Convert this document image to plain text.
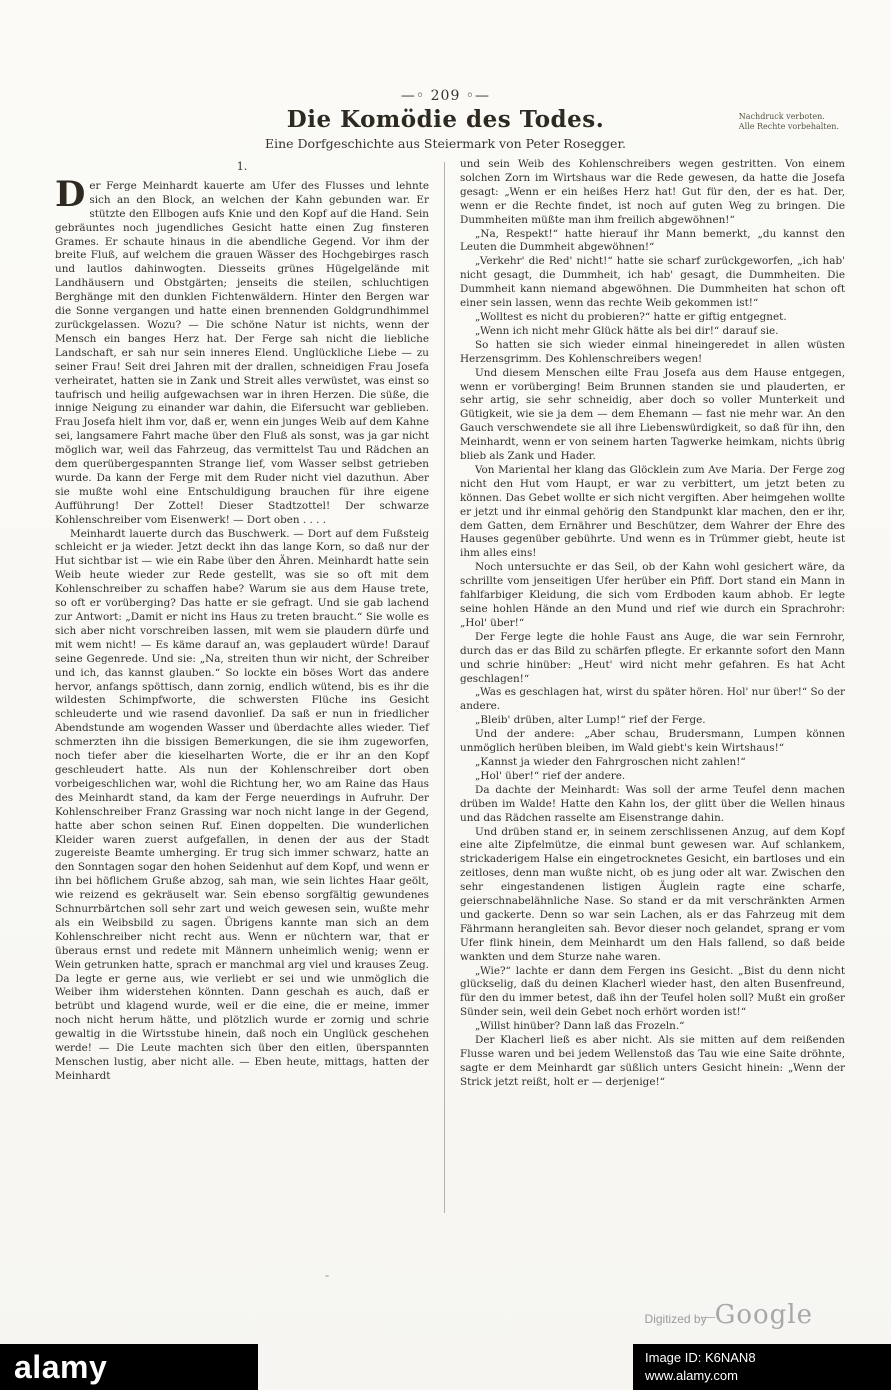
—◦ 209 ◦—
Die Komödie des Todes.	Nachdruck verboten.
Alle Rechte vorbehalten.
Eine Dorfgeschichte aus Steiermark von Peter Rosegger.
1.

Der Ferge Meinhardt kauerte am Ufer des Flusses und lehnte sich an den Block, an welchen der Kahn gebunden war. Er stützte den Ellbogen aufs Knie und den Kopf auf die Hand. Sein gebräuntes noch jugendliches Gesicht hatte einen Zug finsteren Grames. Er schaute hinaus in die abendliche Gegend. Vor ihm der breite Fluß, auf welchem die grauen Wässer des Hochgebirges rasch und lautlos dahinwogten. Diesseits grünes Hügelgelände mit Landhäusern und Obstgärten; jenseits die steilen, schluchtigen Berghänge mit den dunklen Fichtenwäldern. Hinter den Bergen war die Sonne vergangen und hatte einen brennenden Goldgrundhimmel zurückgelassen. Wozu? — Die schöne Natur ist nichts, wenn der Mensch ein banges Herz hat. Der Ferge sah nicht die liebliche Landschaft, er sah nur sein inneres Elend. Unglückliche Liebe — zu seiner Frau! Seit drei Jahren mit der drallen, schneidigen Frau Josefa verheiratet, hatten sie in Zank und Streit alles verwüstet, was einst so taufrisch und heilig aufgewachsen war in ihren Herzen. Die süße, die innige Neigung zu einander war dahin, die Eifersucht war geblieben. Frau Josefa hielt ihm vor, daß er, wenn ein junges Weib auf dem Kahne sei, langsamere Fahrt mache über den Fluß als sonst, was ja gar nicht möglich war, weil das Fahrzeug, das vermittelst Tau und Rädchen an dem querübergespannten Strange lief, vom Wasser selbst getrieben wurde. Da kann der Ferge mit dem Ruder nicht viel dazuthun. Aber sie mußte wohl eine Entschuldigung brauchen für ihre eigene Aufführung! Der Zottel! Dieser Stadtzottel! Der schwarze Kohlenschreiber vom Eisenwerk! — Dort oben . . . .

Meinhardt lauerte durch das Buschwerk. — Dort auf dem Fußsteig schleicht er ja wieder. Jetzt deckt ihn das lange Korn, so daß nur der Hut sichtbar ist — wie ein Rabe über den Ähren. Meinhardt hatte sein Weib heute wieder zur Rede gestellt, was sie so oft mit dem Kohlenschreiber zu schaffen habe? Warum sie aus dem Hause trete, so oft er vorüberging? Das hatte er sie gefragt. Und sie gab lachend zur Antwort: „Damit er nicht ins Haus zu treten braucht.“ Sie wolle es sich aber nicht vorschreiben lassen, mit wem sie plaudern dürfe und mit wem nicht! — Es käme darauf an, was geplaudert würde! Darauf seine Gegenrede. Und sie: „Na, streiten thun wir nicht, der Schreiber und ich, das kannst glauben.“ So lockte ein böses Wort das andere hervor, anfangs spöttisch, dann zornig, endlich wütend, bis es ihr die wildesten Schimpfworte, die schwersten Flüche ins Gesicht schleuderte und wie rasend davonlief. Da saß er nun in friedlicher Abendstunde am wogenden Wasser und überdachte alles wieder. Tief schmerzten ihn die bissigen Bemerkungen, die sie ihm zugeworfen, noch tiefer aber die kieselharten Worte, die er ihr an den Kopf geschleudert hatte. Als nun der Kohlenschreiber dort oben vorbeigeschlichen war, wohl die Richtung her, wo am Raine das Haus des Meinhardt stand, da kam der Ferge neuerdings in Aufruhr. Der Kohlenschreiber Franz Grassing war noch nicht lange in der Gegend, hatte aber schon seinen Ruf. Einen doppelten. Die wunderlichen Kleider waren zuerst aufgefallen, in denen der aus der Stadt zugereiste Beamte umherging. Er trug sich immer schwarz, hatte an den Sonntagen sogar den hohen Seidenhut auf dem Kopf, und wenn er ihn bei höflichem Gruße abzog, sah man, wie sein lichtes Haar geölt, wie reizend es gekräuselt war. Sein ebenso sorgfältig gewundenes Schnurrbärtchen soll sehr zart und weich gewesen sein, wußte mehr als ein Weibsbild zu sagen. Übrigens kannte man sich an dem Kohlenschreiber nicht recht aus. Wenn er nüchtern war, that er überaus ernst und redete mit Männern unheimlich wenig; wenn er Wein getrunken hatte, sprach er manchmal arg viel und krauses Zeug. Da legte er gerne aus, wie verliebt er sei und wie unmöglich die Weiber ihm widerstehen könnten. Dann geschah es auch, daß er betrübt und klagend wurde, weil er die eine, die er meine, immer noch nicht herum hätte, und plötzlich wurde er zornig und schrie gewaltig in die Wirtsstube hinein, daß noch ein Unglück geschehen werde! — Die Leute machten sich über den eitlen, überspannten Menschen lustig, aber nicht alle. — Eben heute, mittags, hatten der Meinhardt

und sein Weib des Kohlenschreibers wegen gestritten. Von einem solchen Zorn im Wirtshaus war die Rede gewesen, da hatte die Josefa gesagt: „Wenn er ein heißes Herz hat! Gut für den, der es hat. Der, wenn er die Rechte findet, ist noch auf guten Weg zu bringen. Die Dummheiten müßte man ihm freilich abgewöhnen!“

„Na, Respekt!“ hatte hierauf ihr Mann bemerkt, „du kannst den Leuten die Dummheit abgewöhnen!“

„Verkehr' die Red' nicht!“ hatte sie scharf zurückgeworfen, „ich hab' nicht gesagt, die Dummheit, ich hab' gesagt, die Dummheiten. Die Dummheit kann niemand abgewöhnen. Die Dummheiten hat schon oft einer sein lassen, wenn das rechte Weib gekommen ist!“

„Wolltest es nicht du probieren?“ hatte er giftig entgegnet.

„Wenn ich nicht mehr Glück hätte als bei dir!“ darauf sie.

So hatten sie sich wieder einmal hineingeredet in allen wüsten Herzensgrimm. Des Kohlenschreibers wegen!

Und diesem Menschen eilte Frau Josefa aus dem Hause entgegen, wenn er vorüberging! Beim Brunnen standen sie und plauderten, er sehr artig, sie sehr schneidig, aber doch so voller Munterkeit und Gütigkeit, wie sie ja dem — dem Ehemann — fast nie mehr war. An den Gauch verschwendete sie all ihre Liebenswürdigkeit, so daß für ihn, den Meinhardt, wenn er von seinem harten Tagwerke heimkam, nichts übrig blieb als Zank und Hader.

Von Mariental her klang das Glöcklein zum Ave Maria. Der Ferge zog nicht den Hut vom Haupt, er war zu verbittert, um jetzt beten zu können. Das Gebet wollte er sich nicht vergiften. Aber heimgehen wollte er jetzt und ihr einmal gehörig den Standpunkt klar machen, den er ihr, dem Gatten, dem Ernährer und Beschützer, dem Wahrer der Ehre des Hauses gegenüber gebührte. Und wenn es in Trümmer giebt, heute ist ihm alles eins!

Noch untersuchte er das Seil, ob der Kahn wohl gesichert wäre, da schrillte vom jenseitigen Ufer herüber ein Pfiff. Dort stand ein Mann in fahlfarbiger Kleidung, die sich vom Erdboden kaum abhob. Er legte seine hohlen Hände an den Mund und rief wie durch ein Sprachrohr: „Hol' über!“

Der Ferge legte die hohle Faust ans Auge, die war sein Fernrohr, durch das er das Bild zu schärfen pflegte. Er erkannte sofort den Mann und schrie hinüber: „Heut' wird nicht mehr gefahren. Es hat Acht geschlagen!“

„Was es geschlagen hat, wirst du später hören. Hol' nur über!“ So der andere.

„Bleib' drüben, alter Lump!“ rief der Ferge.

Und der andere: „Aber schau, Brudersmann, Lumpen können unmöglich herüben bleiben, im Wald giebt's kein Wirtshaus!“

„Kannst ja wieder den Fahrgroschen nicht zahlen!“

„Hol' über!“ rief der andere.

Da dachte der Meinhardt: Was soll der arme Teufel denn machen drüben im Walde! Hatte den Kahn los, der glitt über die Wellen hinaus und das Rädchen rasselte am Eisenstrange dahin.

Und drüben stand er, in seinem zerschlissenen Anzug, auf dem Kopf eine alte Zipfelmütze, die einmal bunt gewesen war. Auf schlankem, strickaderigem Halse ein eingetrocknetes Gesicht, ein bartloses und ein zeitloses, denn man wußte nicht, ob es jung oder alt war. Zwischen den sehr eingestandenen listigen Äuglein ragte eine scharfe, geierschnabelähnliche Nase. So stand er da mit verschränkten Armen und gackerte. Denn so war sein Lachen, als er das Fahrzeug mit dem Fährmann herangleiten sah. Bevor dieser noch gelandet, sprang er vom Ufer flink hinein, dem Meinhardt um den Hals fallend, so daß beide wankten und dem Sturze nahe waren.

„Wie?“ lachte er dann dem Fergen ins Gesicht. „Bist du denn nicht glückselig, daß du deinen Klacherl wieder hast, den alten Busenfreund, für den du immer betest, daß ihn der Teufel holen soll? Mußt ein großer Sünder sein, weil dein Gebet noch erhört worden ist!“

„Willst hinüber? Dann laß das Frozeln.“

Der Klacherl ließ es aber nicht. Als sie mitten auf dem reißenden Flusse waren und bei jedem Wellenstoß das Tau wie eine Saite dröhnte, sagte er dem Meinhardt gar süßlich unters Gesicht hinein: „Wenn der Strick jetzt reißt, holt er — derjenige!“

Digitized by Google
alamy	Image ID: K6NAN8
www.alamy.com
